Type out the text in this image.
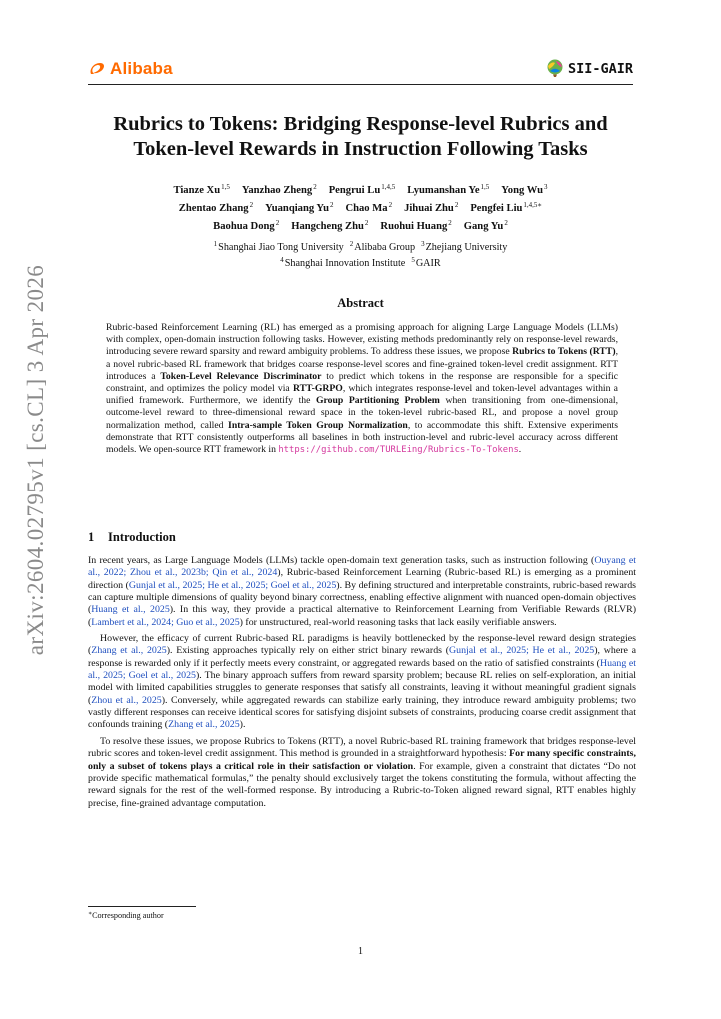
Alibaba	SII-GAIR
arXiv:2604.02795v1 [cs.CL] 3 Apr 2026
Rubrics to Tokens: Bridging Response-level Rubrics and
Token-level Rewards in Instruction Following Tasks
Tianze Xu$^{1,5}$ Yanzhao Zheng$^2$ Pengrui Lu$^{1,4,5}$ Lyumanshan Ye$^{1,5}$ Yong Wu$^3$
Zhentao Zhang$^2$ Yuanqiang Yu$^2$ Chao Ma$^2$ Jihuai Zhu$^2$ Pengfei Liu$^{1,4,5∗}$
Baohua Dong$^2$ Hangcheng Zhu$^2$ Ruohui Huang$^2$ Gang Yu$^2$
$^1$Shanghai Jiao Tong University $^2$Alibaba Group $^3$Zhejiang University
$^4$Shanghai Innovation Institute $^5$GAIR
Abstract
Rubric-based Reinforcement Learning (RL) has emerged as a promising approach for aligning Large Language Models (LLMs) with complex, open-domain instruction following tasks. However, existing methods predominantly rely on response-level rewards, introducing severe reward sparsity and reward ambiguity problems. To address these issues, we propose Rubrics to Tokens (RTT), a novel rubric-based RL framework that bridges coarse response-level scores and fine-grained token-level credit assignment. RTT introduces a Token-Level Relevance Discriminator to predict which tokens in the response are responsible for a specific constraint, and optimizes the policy model via RTT-GRPO, which integrates response-level and token-level advantages within a unified framework. Furthermore, we identify the Group Partitioning Problem when transitioning from one-dimensional, outcome-level reward to three-dimensional reward space in the token-level rubric-based RL, and propose a novel group normalization method, called Intra-sample Token Group Normalization, to accommodate this shift. Extensive experiments demonstrate that RTT consistently outperforms all baselines in both instruction-level and rubric-level accuracy across different models. We open-source RTT framework in https://github.com/TURLEing/Rubrics-To-Tokens.
1 Introduction

In recent years, as Large Language Models (LLMs) tackle open-domain text generation tasks, such as instruction following (Ouyang et al., 2022; Zhou et al., 2023b; Qin et al., 2024), Rubric-based Reinforcement Learning (Rubric-based RL) is emerging as a prominent direction (Gunjal et al., 2025; He et al., 2025; Goel et al., 2025). By defining structured and interpretable constraints, rubric-based rewards can capture multiple dimensions of quality beyond binary correctness, enabling effective alignment with nuanced open-domain objectives (Huang et al., 2025). In this way, they provide a practical alternative to Reinforcement Learning from Verifiable Rewards (RLVR) (Lambert et al., 2024; Guo et al., 2025) for unstructured, real-world reasoning tasks that lack easily verifiable answers.

However, the efficacy of current Rubric-based RL paradigms is heavily bottlenecked by the response-level reward design strategies (Zhang et al., 2025). Existing approaches typically rely on either strict binary rewards (Gunjal et al., 2025; He et al., 2025), where a response is rewarded only if it perfectly meets every constraint, or aggregated rewards based on the ratio of satisfied constraints (Huang et al., 2025; Goel et al., 2025). The binary approach suffers from reward sparsity problem; because RL relies on self-exploration, an initial model with limited capabilities struggles to generate responses that satisfy all constraints, leaving it without meaningful gradient signals (Zhou et al., 2025). Conversely, while aggregated rewards can stabilize early training, they introduce reward ambiguity problems; two vastly different responses can receive identical scores for satisfying disjoint subsets of constraints, producing coarse credit assignment that confounds training (Zhang et al., 2025).

To resolve these issues, we propose Rubrics to Tokens (RTT), a novel Rubric-based RL training framework that bridges response-level rubric scores and token-level credit assignment. This method is grounded in a straightforward hypothesis: For many specific constraints, only a subset of tokens plays a critical role in their satisfaction or violation. For example, given a constraint that dictates “Do not provide specific mathematical formulas,” the penalty should exclusively target the tokens constituting the formula, without affecting the reward signals for the rest of the well-formed response. By introducing a Rubric-to-Token aligned reward signal, RTT enables highly precise, fine-grained advantage computation.

∗Corresponding author
1
